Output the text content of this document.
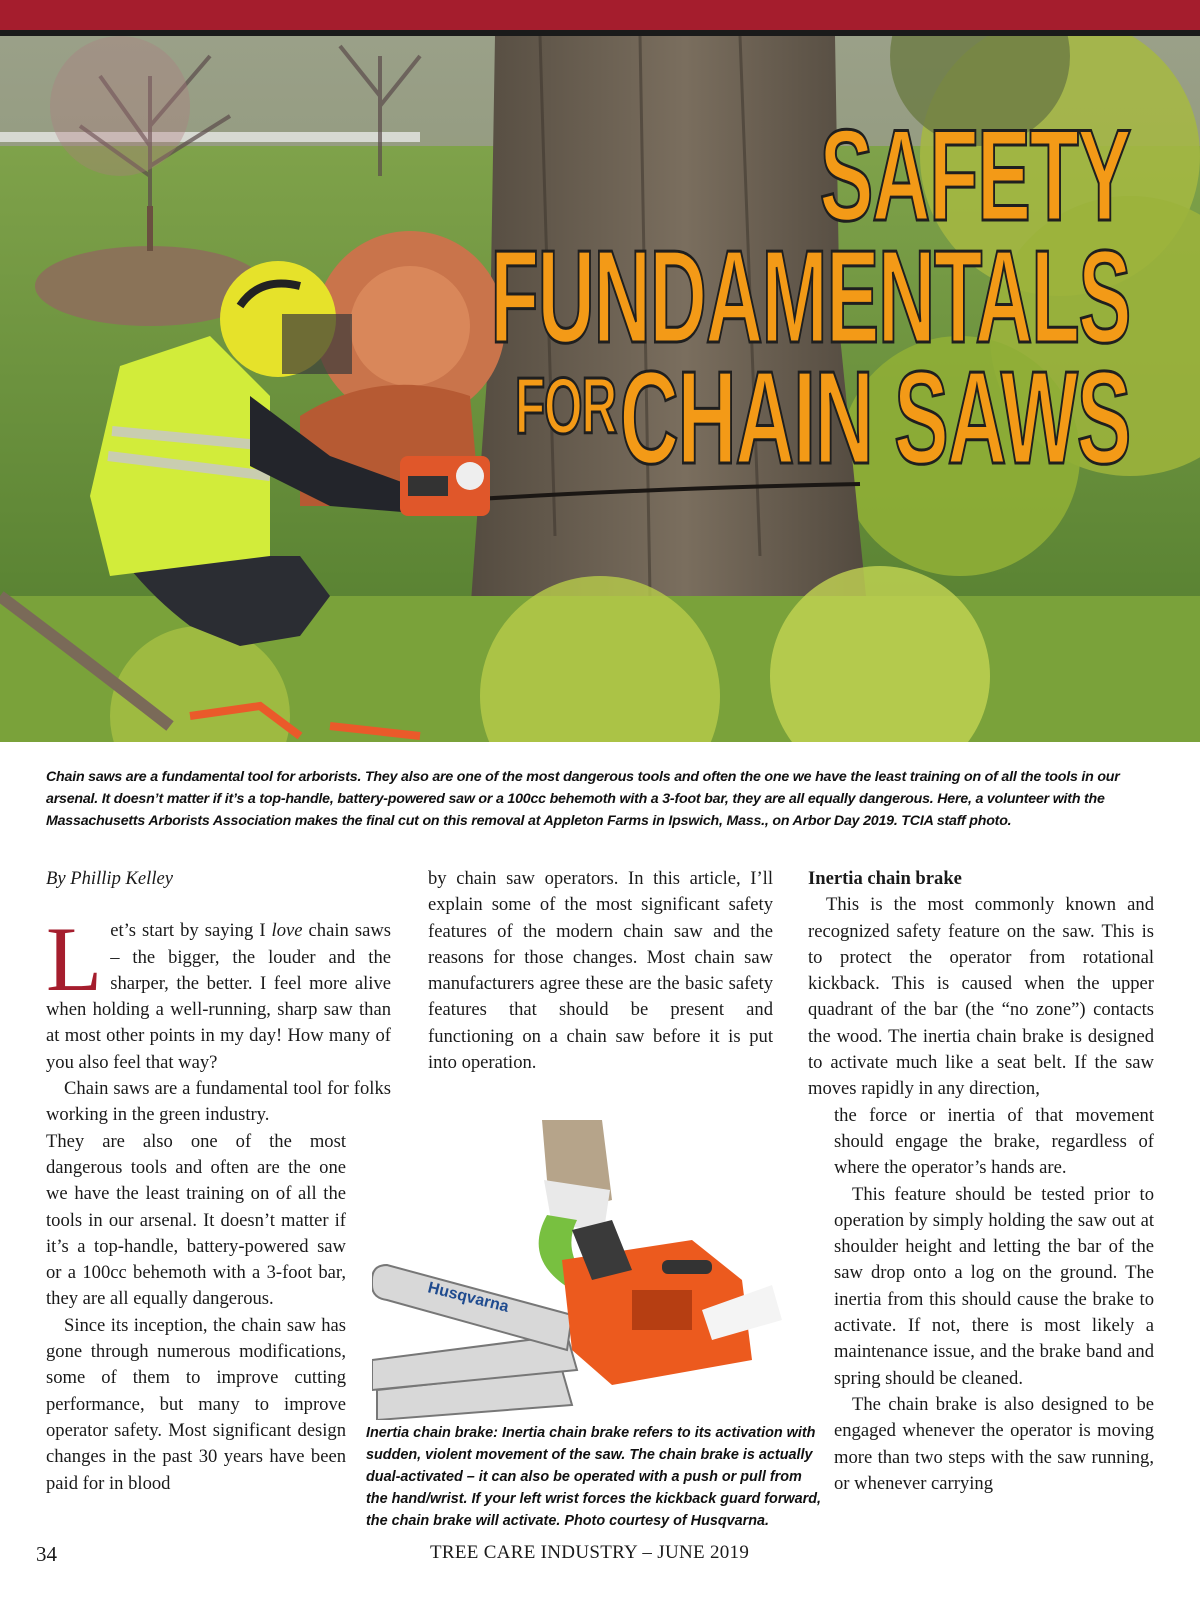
SAFETY
FUNDAMENTALS
FORCHAIN SAWS
Chain saws are a fundamental tool for arborists. They also are one of the most dangerous tools and often the one we have the least training on of all the tools in our arsenal. It doesn’t matter if it’s a top-handle, battery-powered saw or a 100cc behemoth with a 3-foot bar, they are all equally dangerous. Here, a volunteer with the Massachusetts Arborists Association makes the final cut on this removal at Appleton Farms in Ipswich, Mass., on Arbor Day 2019. TCIA staff photo.

By Phillip Kelley

Let’s start by saying I love chain saws – the bigger, the louder and the sharper, the better. I feel more alive when holding a well-running, sharp saw than at most other points in my day! How many of you also feel that way?

Chain saws are a fundamental tool for folks working in the green industry.

They are also one of the most dangerous tools and often are the one we have the least training on of all the tools in our arsenal. It doesn’t matter if it’s a top-handle, battery-powered saw or a 100cc behemoth with a 3-foot bar, they are all equally dangerous.

Since its inception, the chain saw has gone through numerous modifications, some of them to improve cutting performance, but many to improve operator safety. Most significant design changes in the past 30 years have been paid for in blood

by chain saw operators. In this article, I’ll explain some of the most significant safety features of the modern chain saw and the reasons for those changes. Most chain saw manufacturers agree these are the basic safety features that should be present and functioning on a chain saw before it is put into operation.

Husqvarna
Inertia chain brake: Inertia chain brake refers to its activation with sudden, violent movement of the saw. The chain brake is actually dual-activated – it can also be operated with a push or pull from the hand/wrist. If your left wrist forces the kickback guard forward, the chain brake will activate. Photo courtesy of Husqvarna.

Inertia chain brake

This is the most commonly known and recognized safety feature on the saw. This is to protect the operator from rotational kickback. This is caused when the upper quadrant of the bar (the “no zone”) contacts the wood. The inertia chain brake is designed to activate much like a seat belt. If the saw moves rapidly in any direction,

the force or inertia of that movement should engage the brake, regardless of where the operator’s hands are.

This feature should be tested prior to operation by simply holding the saw out at shoulder height and letting the bar of the saw drop onto a log on the ground. The inertia from this should cause the brake to activate. If not, there is most likely a maintenance issue, and the brake band and spring should be cleaned.

The chain brake is also designed to be engaged whenever the operator is moving more than two steps with the saw running, or whenever carrying

34	TREE CARE INDUSTRY – JUNE 2019
